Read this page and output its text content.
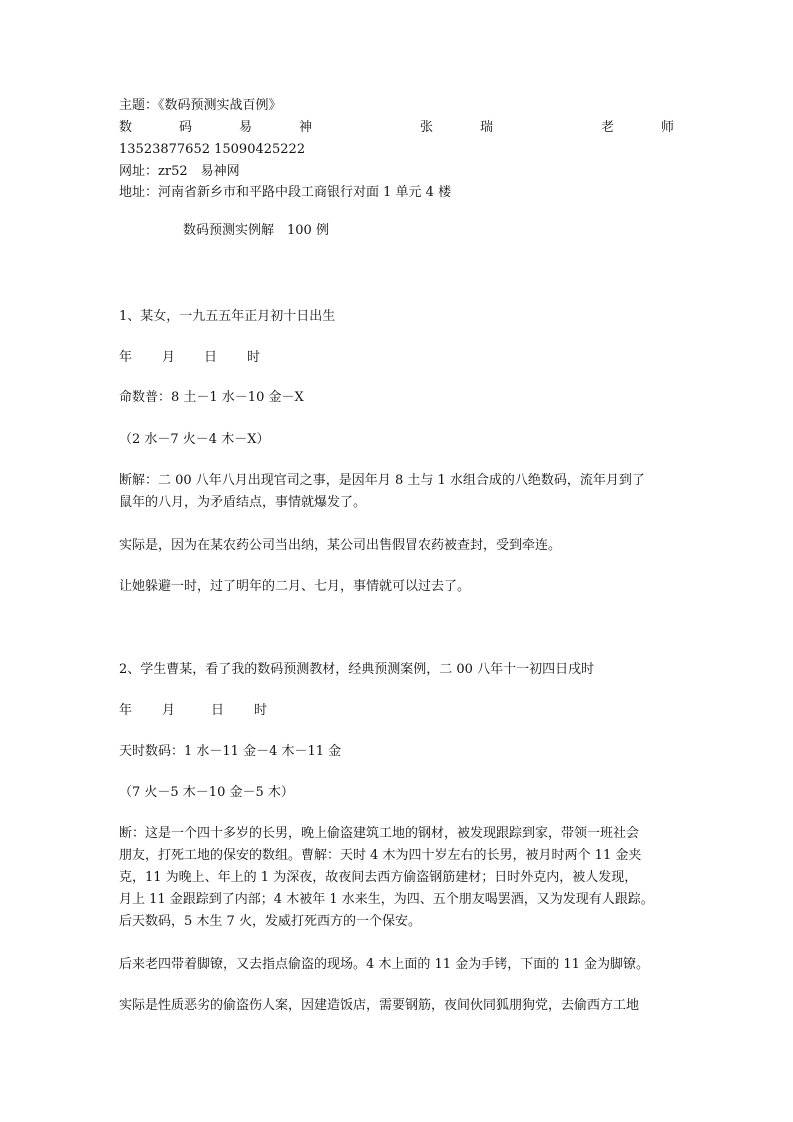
主题：《数码预测实战百例》
数	码	易	神	张	瑞	老	师
13523877652 15090425222
网址：zr52　易神网
地址：河南省新乡市和平路中段工商银行对面 1 单元 4 楼
数码预测实例解　100 例
1、某女，一九五五年正月初十日出生
年 月 日 时
命数普：8 土－1 水－10 金－X
（2 水－7 火－4 木－X）
断解：二 00 八年八月出现官司之事，是因年月 8 土与 1 水组合成的八绝数码，流年月到了
鼠年的八月，为矛盾结点，事情就爆发了。
实际是，因为在某农药公司当出纳，某公司出售假冒农药被查封，受到牵连。
让她躲避一时，过了明年的二月、七月，事情就可以过去了。
2、学生曹某，看了我的数码预测教材，经典预测案例，二 00 八年十一初四日戌时
年 月	日 时
天时数码：1 水－11 金－4 木－11 金
（7 火－5 木－10 金－5 木）
断：这是一个四十多岁的长男，晚上偷盗建筑工地的钢材，被发现跟踪到家，带领一班社会
朋友，打死工地的保安的数组。曹解：天时 4 木为四十岁左右的长男，被月时两个 11 金夹
克，11 为晚上、年上的 1 为深夜，故夜间去西方偷盗钢筋建材；日时外克内，被人发现，
月上 11 金跟踪到了内部；4 木被年 1 水来生，为四、五个朋友喝罢酒，又为发现有人跟踪。
后天数码，5 木生 7 火，发威打死西方的一个保安。
后来老四带着脚镣，又去指点偷盗的现场。4 木上面的 11 金为手铐，下面的 11 金为脚镣。
实际是性质恶劣的偷盗伤人案，因建造饭店，需要钢筋，夜间伙同狐朋狗党，去偷西方工地
